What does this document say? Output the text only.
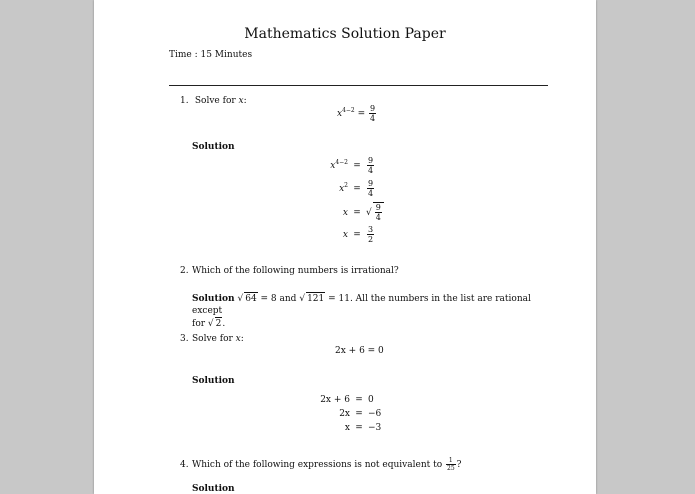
Mathematics Solution Paper
Time : 15 Minutes
1. Solve for x:
$x^{4-2} = \frac{9}{4}$
Solution
$x^{4-2} = \frac{9}{4}$
$x^2 = \frac{9}{4}$
x = √ $\frac{9}{4}$
$x = \frac{3}{2}$
2. Which of the following numbers is irrational?
Solution √ 64 = 8 and √ 121 = 11. All the numbers in the list are rational except
for √ 2.
3. Solve for x:
2x + 6 = 0
Solution
2x + 6 = 0
2x = −6
x = −3
4. Which of the following expressions is not equivalent to $\frac{1}{25}$ ?
Solution
